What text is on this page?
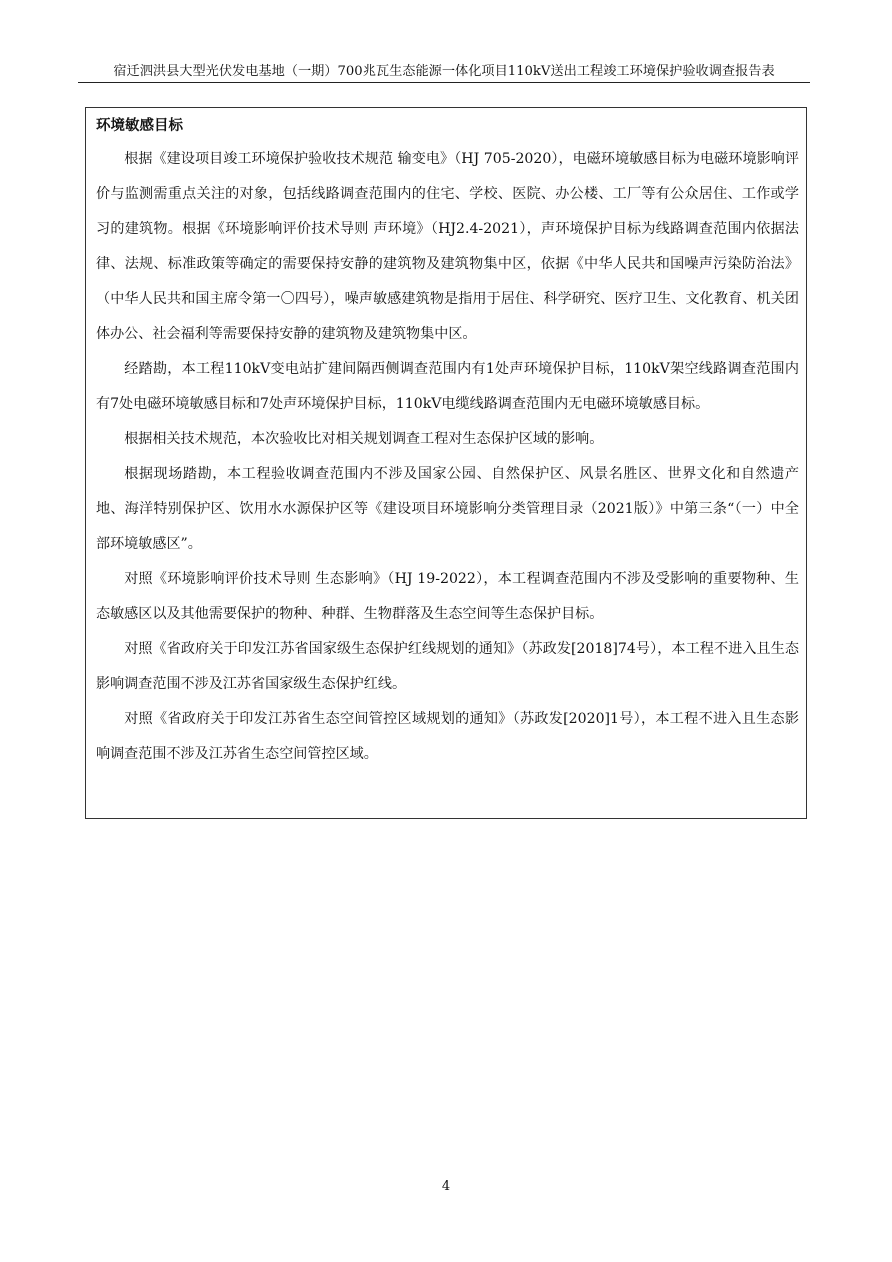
宿迁泗洪县大型光伏发电基地（一期）700兆瓦生态能源一体化项目110kV送出工程竣工环境保护验收调查报告表
环境敏感目标

根据《建设项目竣工环境保护验收技术规范 输变电》（HJ 705-2020），电磁环境敏感目标为电磁环境影响评价与监测需重点关注的对象，包括线路调查范围内的住宅、学校、医院、办公楼、工厂等有公众居住、工作或学习的建筑物。根据《环境影响评价技术导则 声环境》（HJ2.4-2021），声环境保护目标为线路调查范围内依据法律、法规、标准政策等确定的需要保持安静的建筑物及建筑物集中区，依据《中华人民共和国噪声污染防治法》（中华人民共和国主席令第一〇四号），噪声敏感建筑物是指用于居住、科学研究、医疗卫生、文化教育、机关团体办公、社会福利等需要保持安静的建筑物及建筑物集中区。

经踏勘，本工程110kV变电站扩建间隔西侧调查范围内有1处声环境保护目标，110kV架空线路调查范围内有7处电磁环境敏感目标和7处声环境保护目标，110kV电缆线路调查范围内无电磁环境敏感目标。

根据相关技术规范，本次验收比对相关规划调查工程对生态保护区域的影响。

根据现场踏勘，本工程验收调查范围内不涉及国家公园、自然保护区、风景名胜区、世界文化和自然遗产地、海洋特别保护区、饮用水水源保护区等《建设项目环境影响分类管理目录（2021版）》中第三条“（一）中全部环境敏感区”。

对照《环境影响评价技术导则 生态影响》（HJ 19-2022），本工程调查范围内不涉及受影响的重要物种、生态敏感区以及其他需要保护的物种、种群、生物群落及生态空间等生态保护目标。

对照《省政府关于印发江苏省国家级生态保护红线规划的通知》（苏政发[2018]74号），本工程不进入且生态影响调查范围不涉及江苏省国家级生态保护红线。

对照《省政府关于印发江苏省生态空间管控区域规划的通知》（苏政发[2020]1号），本工程不进入且生态影响调查范围不涉及江苏省生态空间管控区域。

4
